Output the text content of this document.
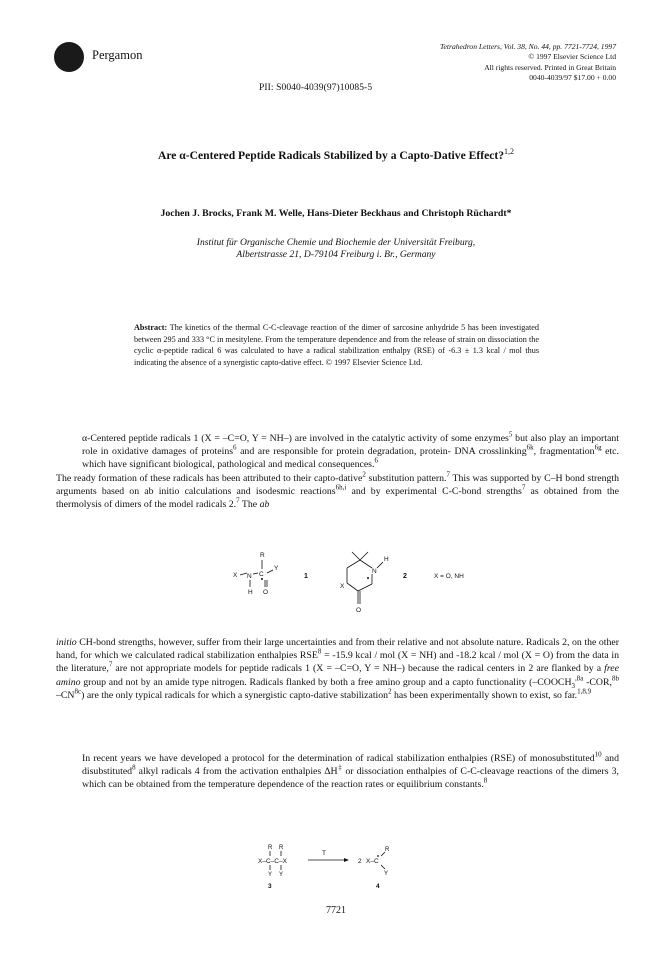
Pergamon
Tetrahedron Letters, Vol. 38, No. 44, pp. 7721-7724, 1997
© 1997 Elsevier Science Ltd
All rights reserved. Printed in Great Britain
0040-4039/97 $17.00 + 0.00
PII: S0040-4039(97)10085-5
Are α-Centered Peptide Radicals Stabilized by a Capto-Dative Effect?$^{1,2}$
Jochen J. Brocks, Frank M. Welle, Hans-Dieter Beckhaus and Christoph Rüchardt*
Institut für Organische Chemie und Biochemie der Universität Freiburg,
Albertstrasse 21, D-79104 Freiburg i. Br., Germany
Abstract: The kinetics of the thermal C-C-cleavage reaction of the dimer of sarcosine anhydride 5 has been investigated between 295 and 333 °C in mesitylene. From the temperature dependence and from the release of strain on dissociation the cyclic α-peptide radical 6 was calculated to have a radical stabilization enthalpy (RSE) of -6.3 ± 1.3 kcal / mol thus indicating the absence of a synergistic capto-dative effect. © 1997 Elsevier Science Ltd.
α-Centered peptide radicals 1 (X = –C=O, Y = NH–) are involved in the catalytic activity of some enzymes$^5$ but also play an important role in oxidative damages of proteins$^6$ and are responsible for protein degradation, protein- DNA crosslinking$^{6k}$, fragmentation$^{6g}$ etc. which have significant biological, pathological and medical consequences.$^6$
The ready formation of these radicals has been attributed to their capto-dative$^2$ substitution pattern.$^7$ This was supported by C–H bond strength arguments based on ab initio calculations and isodesmic reactions$^{6h,i}$ and by experimental C-C-bond strengths$^7$ as obtained from the thermolysis of dimers of the model radicals 2.$^7$ The ab
R
C
X N
Y
H O
1
N
H
X
O
2	X = O, NH
initio CH-bond strengths, however, suffer from their large uncertainties and from their relative and not absolute nature. Radicals 2, on the other hand, for which we calculated radical stabilization enthalpies $RSE^8 = -15.9$ kcal / mol (X = NH) and -18.2 kcal / mol (X = O) from the data in the literature,$^7$ are not appropriate models for peptide radicals 1 (X = –C=O, Y = NH–) because the radical centers in 2 are flanked by a free amino group and not by an amide type nitrogen. Radicals flanked by both a free amino group and a capto functionality ($-COOCH_3^{,8a}$ -COR,$^{8b}$ $-CN^{8c}$) are the only typical radicals for which a synergistic capto-dative stabilization$^2$ has been experimentally shown to exist, so far.$^{1,8,9}$
In recent years we have developed a protocol for the determination of radical stabilization enthalpies (RSE) of monosubstituted$^{10}$ and disubstituted$^8$ alkyl radicals 4 from the activation enthalpies ΔH‡ or dissociation enthalpies of C-C-cleavage reactions of the dimers 3, which can be obtained from the temperature dependence of the reaction rates or equilibrium constants.$^8$
R R
X–C–C–X
Y Y
T
2 X–C
R
Y
3	4
7721
